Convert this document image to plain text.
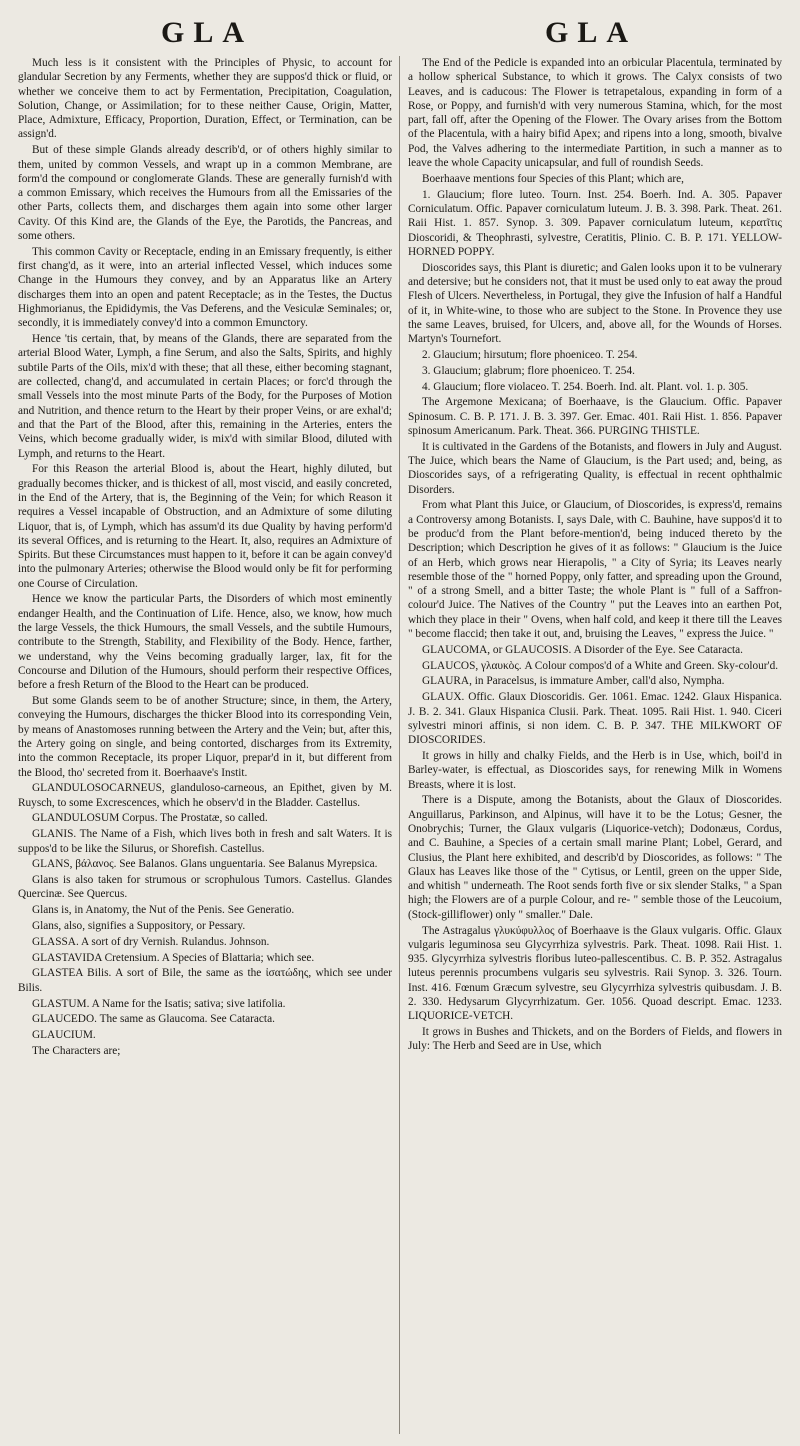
GLA	GLA

Much less is it consistent with the Principles of Physic, to account for glandular Secretion by any Ferments, whether they are suppos'd thick or fluid, or whether we conceive them to act by Fermentation, Precipitation, Coagulation, Solution, Change, or Assimilation; for to these neither Cause, Origin, Matter, Place, Admixture, Efficacy, Proportion, Duration, Effect, or Termination, can be assign'd.

But of these simple Glands already describ'd, or of others highly similar to them, united by common Vessels, and wrapt up in a common Membrane, are form'd the compound or conglomerate Glands. These are generally furnish'd with a common Emissary, which receives the Humours from all the Emissaries of the other Parts, collects them, and discharges them again into some other larger Cavity. Of this Kind are, the Glands of the Eye, the Parotids, the Pancreas, and some others.

This common Cavity or Receptacle, ending in an Emissary frequently, is either first chang'd, as it were, into an arterial inflected Vessel, which induces some Change in the Humours they convey, and by an Apparatus like an Artery discharges them into an open and patent Receptacle; as in the Testes, the Ductus Highmorianus, the Epididymis, the Vas Deferens, and the Vesiculæ Seminales; or, secondly, it is immediately convey'd into a common Emunctory.

Hence 'tis certain, that, by means of the Glands, there are separated from the arterial Blood Water, Lymph, a fine Serum, and also the Salts, Spirits, and highly subtile Parts of the Oils, mix'd with these; that all these, either becoming stagnant, are collected, chang'd, and accumulated in certain Places; or forc'd through the small Vessels into the most minute Parts of the Body, for the Purposes of Motion and Nutrition, and thence return to the Heart by their proper Veins, or are exhal'd; and that the Part of the Blood, after this, remaining in the Arteries, enters the Veins, which become gradually wider, is mix'd with similar Blood, diluted with Lymph, and returns to the Heart.

For this Reason the arterial Blood is, about the Heart, highly diluted, but gradually becomes thicker, and is thickest of all, most viscid, and easily concreted, in the End of the Artery, that is, the Beginning of the Vein; for which Reason it requires a Vessel incapable of Obstruction, and an Admixture of some diluting Liquor, that is, of Lymph, which has assum'd its due Quality by having perform'd its several Offices, and is returning to the Heart. It, also, requires an Admixture of Spirits. But these Circumstances must happen to it, before it can be again convey'd into the pulmonary Arteries; otherwise the Blood would only be fit for performing one Course of Circulation.

Hence we know the particular Parts, the Disorders of which most eminently endanger Health, and the Continuation of Life. Hence, also, we know, how much the large Vessels, the thick Humours, the small Vessels, and the subtile Humours, contribute to the Strength, Stability, and Flexibility of the Body. Hence, farther, we understand, why the Veins becoming gradually larger, lax, fit for the Concourse and Dilution of the Humours, should perform their respective Offices, before a fresh Return of the Blood to the Heart can be produced.

But some Glands seem to be of another Structure; since, in them, the Artery, conveying the Humours, discharges the thicker Blood into its corresponding Vein, by means of Anastomoses running between the Artery and the Vein; but, after this, the Artery going on single, and being contorted, discharges from its Extremity, into the common Receptacle, its proper Liquor, prepar'd in it, but different from the Blood, tho' secreted from it. Boerhaave's Instit.

GLANDULOSOCARNEUS, glanduloso-carneous, an Epithet, given by M. Ruysch, to some Excrescences, which he observ'd in the Bladder. Castellus.

GLANDULOSUM Corpus. The Prostatæ, so called.

GLANIS. The Name of a Fish, which lives both in fresh and salt Waters. It is suppos'd to be like the Silurus, or Shorefish. Castellus.

GLANS, βάλανος. See Balanos. Glans unguentaria. See Balanus Myrepsica.

Glans is also taken for strumous or scrophulous Tumors. Castellus. Glandes Quercinæ. See Quercus.

Glans is, in Anatomy, the Nut of the Penis. See Generatio.

Glans, also, signifies a Suppository, or Pessary.

GLASSA. A sort of dry Vernish. Rulandus. Johnson.

GLASTAVIDA Cretensium. A Species of Blattaria; which see.

GLASTEA Bilis. A sort of Bile, the same as the ἰσατώδης, which see under Bilis.

GLASTUM. A Name for the Isatis; sativa; sive latifolia.

GLAUCEDO. The same as Glaucoma. See Cataracta.

GLAUCIUM.

The Characters are;

The End of the Pedicle is expanded into an orbicular Placentula, terminated by a hollow spherical Substance, to which it grows. The Calyx consists of two Leaves, and is caducous: The Flower is tetrapetalous, expanding in form of a Rose, or Poppy, and furnish'd with very numerous Stamina, which, for the most part, fall off, after the Opening of the Flower. The Ovary arises from the Bottom of the Placentula, with a hairy bifid Apex; and ripens into a long, smooth, bivalve Pod, the Valves adhering to the intermediate Partition, in such a manner as to leave the whole Capacity unicapsular, and full of roundish Seeds.

Boerhaave mentions four Species of this Plant; which are,

1. Glaucium; flore luteo. Tourn. Inst. 254. Boerh. Ind. A. 305. Papaver Corniculatum. Offic. Papaver corniculatum luteum. J. B. 3. 398. Park. Theat. 261. Raii Hist. 1. 857. Synop. 3. 309. Papaver corniculatum luteum, κερατῖτις Dioscoridi, & Theophrasti, sylvestre, Ceratitis, Plinio. C. B. P. 171. YELLOW-HORNED POPPY.

Dioscorides says, this Plant is diuretic; and Galen looks upon it to be vulnerary and detersive; but he considers not, that it must be used only to eat away the proud Flesh of Ulcers. Nevertheless, in Portugal, they give the Infusion of half a Handful of it, in White-wine, to those who are subject to the Stone. In Provence they use the same Leaves, bruised, for Ulcers, and, above all, for the Wounds of Horses. Martyn's Tournefort.

2. Glaucium; hirsutum; flore phoeniceo. T. 254.

3. Glaucium; glabrum; flore phoeniceo. T. 254.

4. Glaucium; flore violaceo. T. 254. Boerh. Ind. alt. Plant. vol. 1. p. 305.

The Argemone Mexicana; of Boerhaave, is the Glaucium. Offic. Papaver Spinosum. C. B. P. 171. J. B. 3. 397. Ger. Emac. 401. Raii Hist. 1. 856. Papaver spinosum Americanum. Park. Theat. 366. PURGING THISTLE.

It is cultivated in the Gardens of the Botanists, and flowers in July and August. The Juice, which bears the Name of Glaucium, is the Part used; and, being, as Dioscorides says, of a refrigerating Quality, is effectual in recent ophthalmic Disorders.

From what Plant this Juice, or Glaucium, of Dioscorides, is express'd, remains a Controversy among Botanists. I, says Dale, with C. Bauhine, have suppos'd it to be produc'd from the Plant before-mention'd, being induced thereto by the Description; which Description he gives of it as follows: " Glaucium is the Juice of an Herb, which grows near Hierapolis, " a City of Syria; its Leaves nearly resemble those of the " horned Poppy, only fatter, and spreading upon the Ground, " of a strong Smell, and a bitter Taste; the whole Plant is " full of a Saffron-colour'd Juice. The Natives of the Country " put the Leaves into an earthen Pot, which they place in their " Ovens, when half cold, and keep it there till the Leaves " become flaccid; then take it out, and, bruising the Leaves, " express the Juice. "

GLAUCOMA, or GLAUCOSIS. A Disorder of the Eye. See Cataracta.

GLAUCOS, γλαυκὸς. A Colour compos'd of a White and Green. Sky-colour'd.

GLAURA, in Paracelsus, is immature Amber, call'd also, Nympha.

GLAUX. Offic. Glaux Dioscoridis. Ger. 1061. Emac. 1242. Glaux Hispanica. J. B. 2. 341. Glaux Hispanica Clusii. Park. Theat. 1095. Raii Hist. 1. 940. Ciceri sylvestri minori affinis, si non idem. C. B. P. 347. THE MILKWORT OF DIOSCORIDES.

It grows in hilly and chalky Fields, and the Herb is in Use, which, boil'd in Barley-water, is effectual, as Dioscorides says, for renewing Milk in Womens Breasts, where it is lost.

There is a Dispute, among the Botanists, about the Glaux of Dioscorides. Anguillarus, Parkinson, and Alpinus, will have it to be the Lotus; Gesner, the Onobrychis; Turner, the Glaux vulgaris (Liquorice-vetch); Dodonæus, Cordus, and C. Bauhine, a Species of a certain small marine Plant; Lobel, Gerard, and Clusius, the Plant here exhibited, and describ'd by Dioscorides, as follows: " The Glaux has Leaves like those of the " Cytisus, or Lentil, green on the upper Side, and whitish " underneath. The Root sends forth five or six slender Stalks, " a Span high; the Flowers are of a purple Colour, and re- " semble those of the Leucoium, (Stock-gilliflower) only " smaller." Dale.

The Astragalus γλυκύφυλλος of Boerhaave is the Glaux vulgaris. Offic. Glaux vulgaris leguminosa seu Glycyrrhiza sylvestris. Park. Theat. 1098. Raii Hist. 1. 935. Glycyrrhiza sylvestris floribus luteo-pallescentibus. C. B. P. 352. Astragalus luteus perennis procumbens vulgaris seu sylvestris. Raii Synop. 3. 326. Tourn. Inst. 416. Fœnum Græcum sylvestre, seu Glycyrrhiza sylvestris quibusdam. J. B. 2. 330. Hedysarum Glycyrrhizatum. Ger. 1056. Quoad descript. Emac. 1233. LIQUORICE-VETCH.

It grows in Bushes and Thickets, and on the Borders of Fields, and flowers in July: The Herb and Seed are in Use, which
